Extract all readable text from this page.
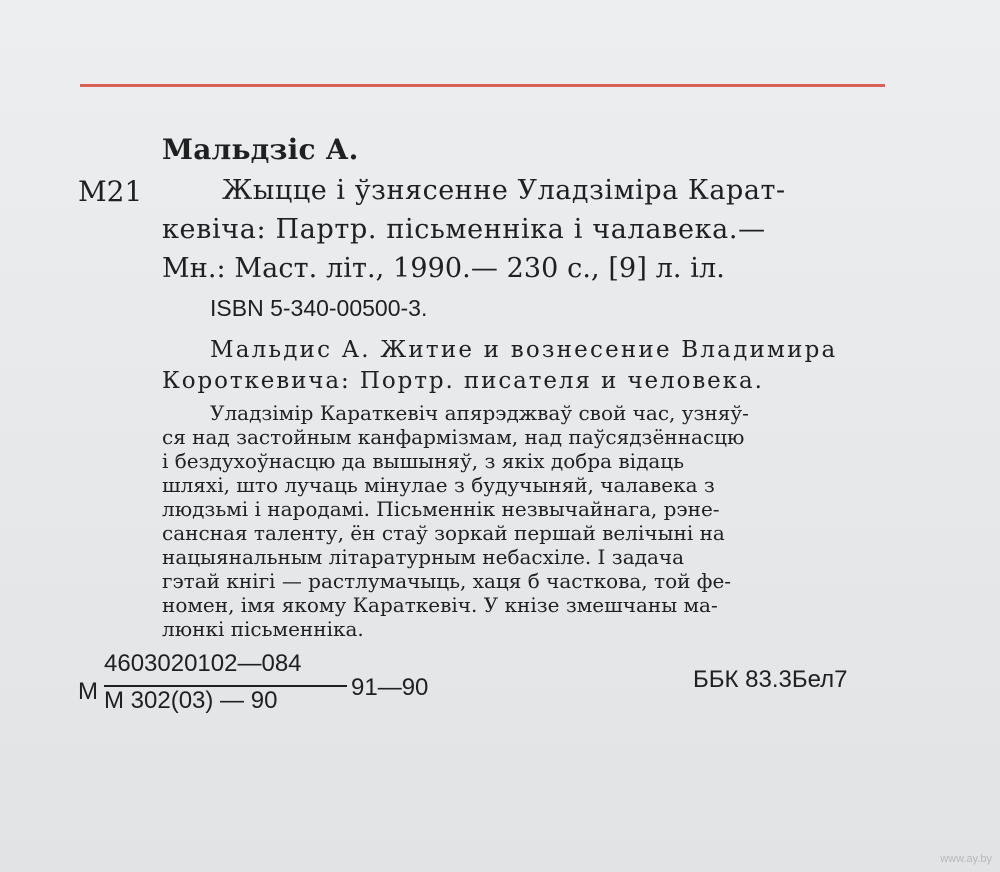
Мальдзіс А.
М21	Жыцце і ўзнясенне Уладзіміра Карат-
кевіча: Партр. пісьменніка і чалавека.—
Мн.: Маст. літ., 1990.— 230 с., [9] л. іл.
ISBN 5-340-00500-3.
Мальдис А. Житие и вознесение Владимира
Короткевича: Портр. писателя и человека.
Уладзімір Караткевіч апярэджваў свой час, узняў-
ся над застойным канфармізмам, над паўсядзённасцю
і бездухоўнасцю да вышыняў, з якіх добра відаць
шляхі, што лучаць мінулае з будучыняй, чалавека з
людзьмі і народамі. Пісьменнік незвычайнага, рэне-
сансная таленту, ён стаў зоркай першай велічыні на
нацыянальным літаратурным небасхіле. І задача
гэтай кнігі — растлумачыць, хаця б часткова, той фе-
номен, імя якому Караткевіч. У кнізе змешчаны ма-
люнкі пісьменніка.
М
4603020102—084
М 302(03) — 90	91—90	ББК 83.3Бел7
www.ay.by
